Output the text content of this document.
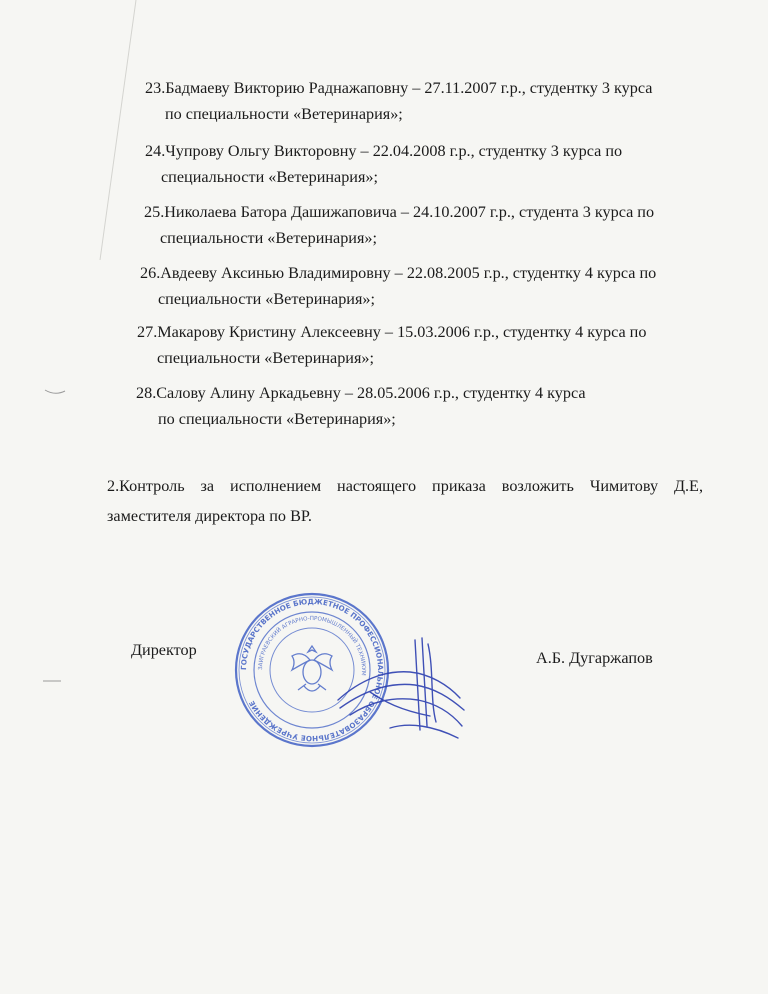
23.Бадмаеву Викторию Раднажаповну – 27.11.2007 г.р., студентку 3 курса
по специальности «Ветеринария»;
24.Чупрову Ольгу Викторовну – 22.04.2008 г.р., студентку 3 курса по
специальности «Ветеринария»;
25.Николаева Батора Дашижаповича – 24.10.2007 г.р., студента 3 курса по
специальности «Ветеринария»;
26.Авдееву Аксинью Владимировну – 22.08.2005 г.р., студентку 4 курса по
специальности «Ветеринария»;
27.Макарову Кристину Алексеевну – 15.03.2006 г.р., студентку 4 курса по
специальности «Ветеринария»;
28.Салову Алину Аркадьевну – 28.05.2006 г.р., студентку 4 курса
по специальности «Ветеринария»;
2.Контроль за исполнением настоящего приказа возложить Чимитову Д.Е,
заместителя директора по ВР.
Директор	А.Б. Дугаржапов
ГОСУДАРСТВЕННОЕ БЮДЖЕТНОЕ ПРОФЕССИОНАЛЬНОЕ ОБРАЗОВАТЕЛЬНОЕ УЧРЕЖДЕНИЕ
ЗАИГРАЕВСКИЙ АГРАРНО-ПРОМЫШЛЕННЫЙ ТЕХНИКУМ
